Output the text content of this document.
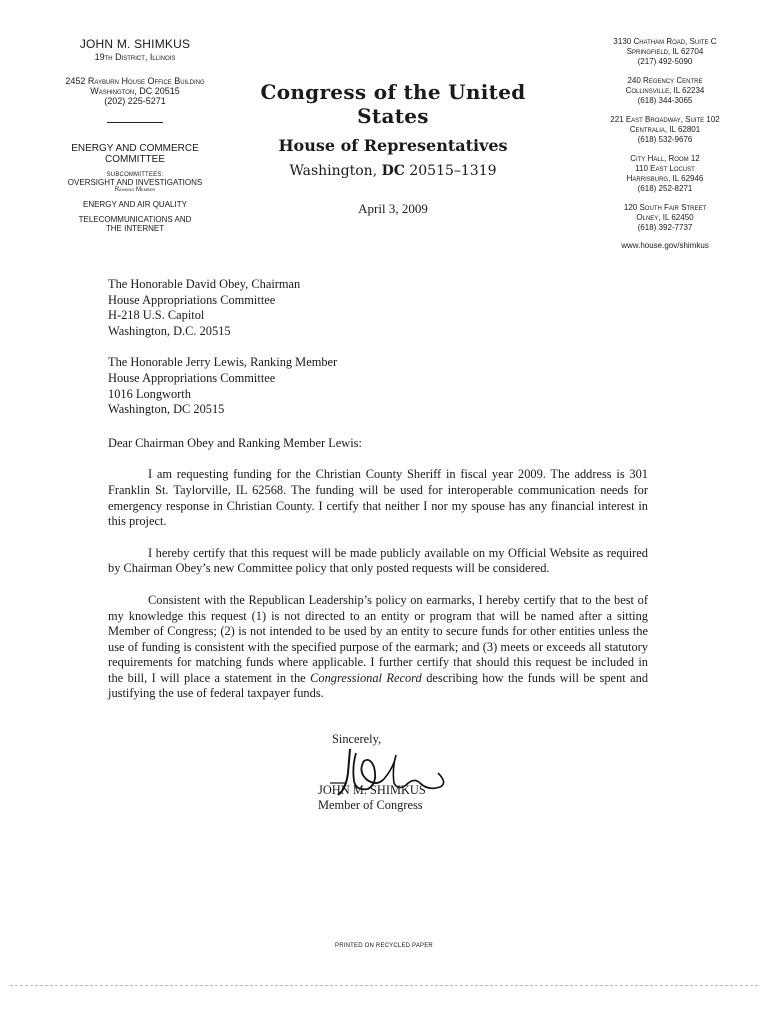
JOHN M. SHIMKUS
19th District, Illinois
2452 Rayburn House Office Building
Washington, DC 20515
(202) 225-5271
ENERGY AND COMMERCE
COMMITTEE
SUBCOMMITTEES:
OVERSIGHT AND INVESTIGATIONS
Ranking Member
ENERGY AND AIR QUALITY
TELECOMMUNICATIONS AND
THE INTERNET
Congress of the United States
House of Representatives
Washington, DC 20515–1319
April 3, 2009
3130 Chatham Road, Suite C
Springfield, IL 62704
(217) 492-5090
240 Regency Centre
Collinsville, IL 62234
(618) 344-3065
221 East Broadway, Suite 102
Centralia, IL 62801
(618) 532-9676
City Hall, Room 12
110 East Locust
Harrisburg, IL 62946
(618) 252-8271
120 South Fair Street
Olney, IL 62450
(618) 392-7737
www.house.gov/shimkus
The Honorable David Obey, Chairman
House Appropriations Committee
H-218 U.S. Capitol
Washington, D.C. 20515
The Honorable Jerry Lewis, Ranking Member
House Appropriations Committee
1016 Longworth
Washington, DC 20515
Dear Chairman Obey and Ranking Member Lewis:
I am requesting funding for the Christian County Sheriff in fiscal year 2009. The address is 301 Franklin St. Taylorville, IL 62568. The funding will be used for interoperable communication needs for emergency response in Christian County. I certify that neither I nor my spouse has any financial interest in this project.
I hereby certify that this request will be made publicly available on my Official Website as required by Chairman Obey’s new Committee policy that only posted requests will be considered.
Consistent with the Republican Leadership’s policy on earmarks, I hereby certify that to the best of my knowledge this request (1) is not directed to an entity or program that will be named after a sitting Member of Congress; (2) is not intended to be used by an entity to secure funds for other entities unless the use of funding is consistent with the specified purpose of the earmark; and (3) meets or exceeds all statutory requirements for matching funds where applicable. I further certify that should this request be included in the bill, I will place a statement in the Congressional Record describing how the funds will be spent and justifying the use of federal taxpayer funds.
Sincerely,
JOHN M. SHIMKUS
Member of Congress
PRINTED ON RECYCLED PAPER
